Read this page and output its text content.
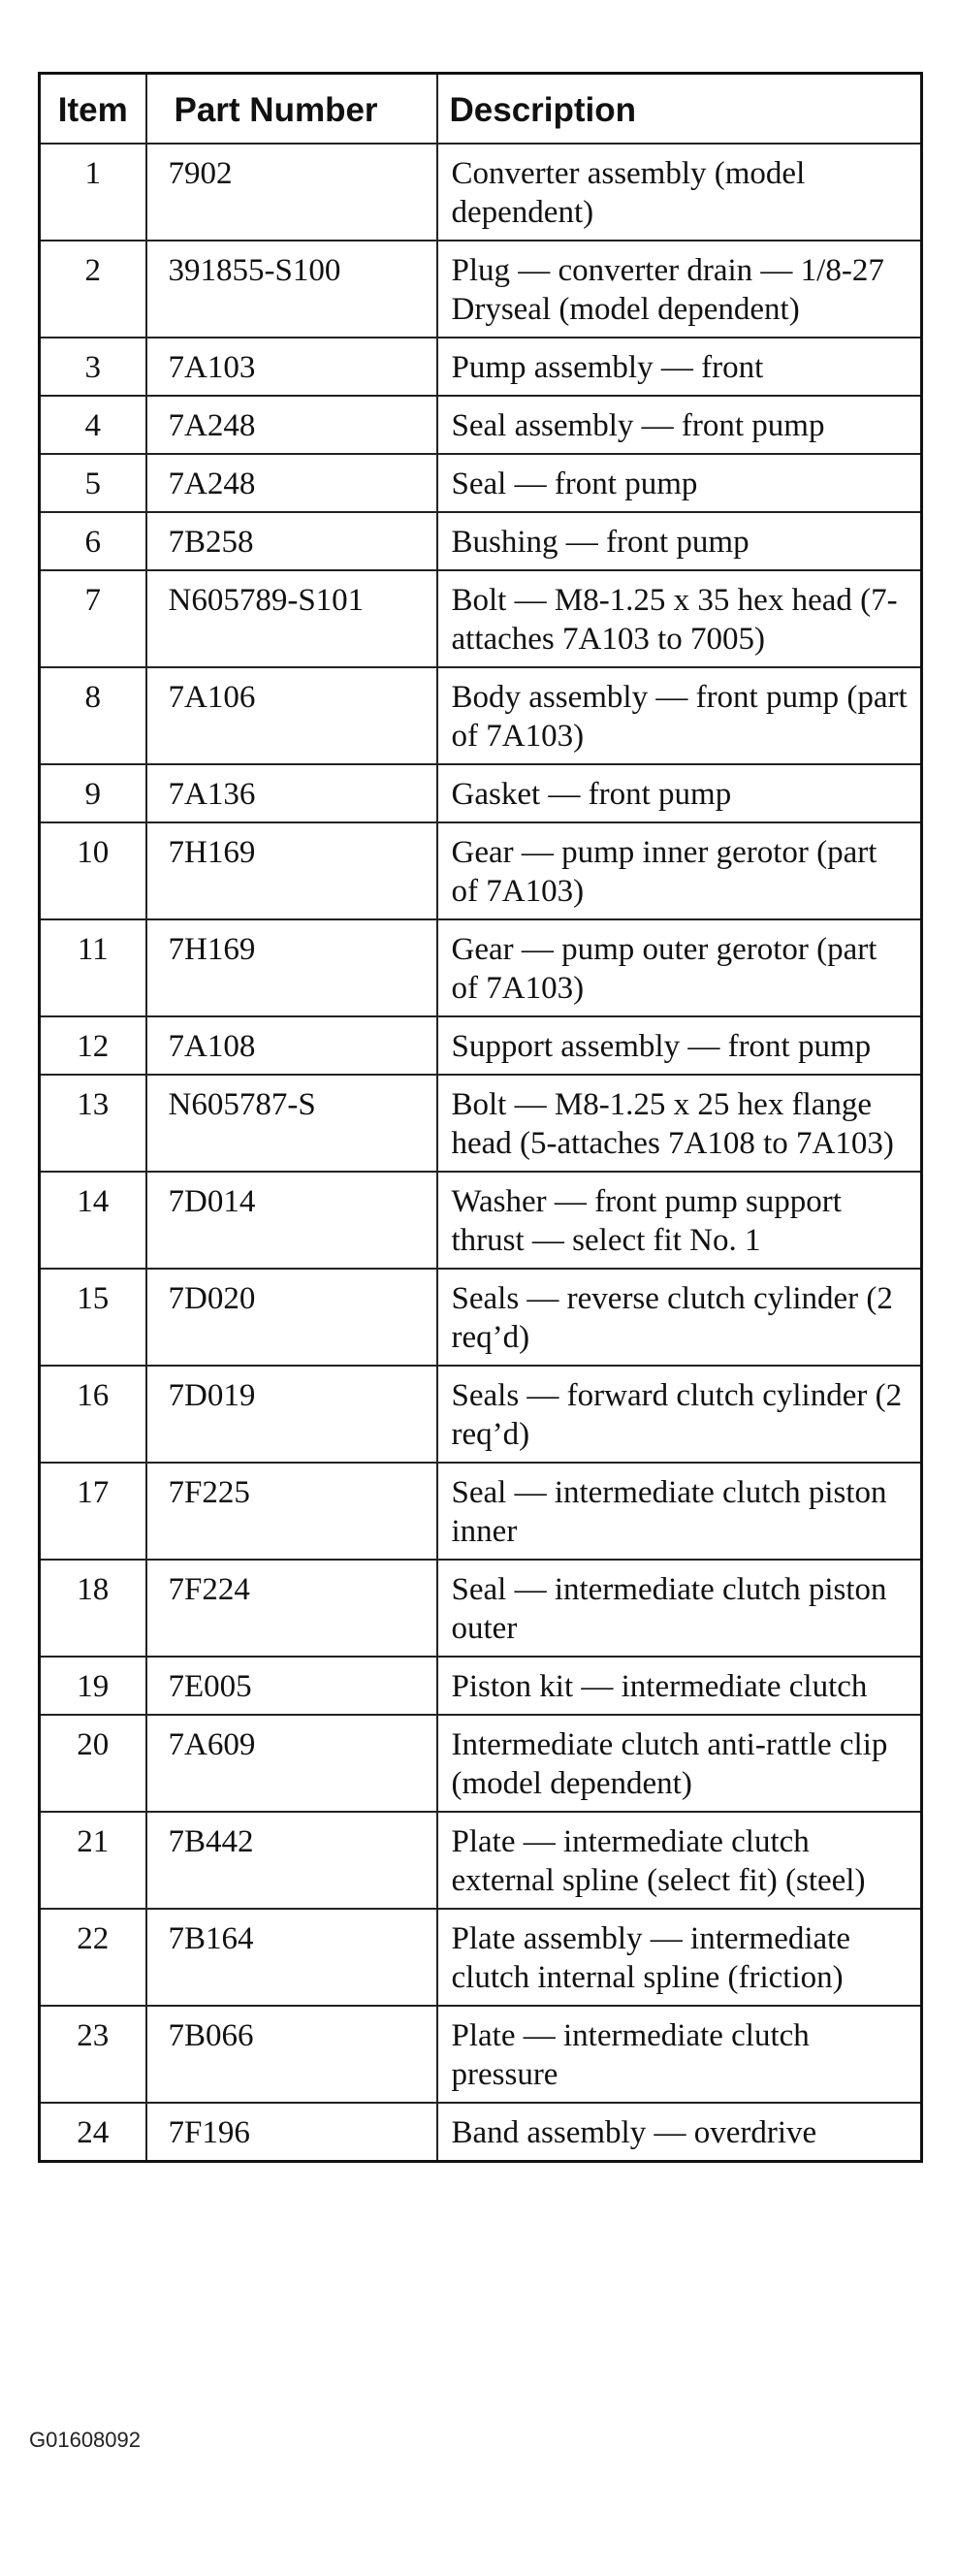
Item	Part Number	Description
1	7902	Converter assembly (model dependent)
2	391855-S100	Plug — converter drain — 1/8-27 Dryseal (model dependent)
3	7A103	Pump assembly — front
4	7A248	Seal assembly — front pump
5	7A248	Seal — front pump
6	7B258	Bushing — front pump
7	N605789-S101	Bolt — M8-1.25 x 35 hex head (7-attaches 7A103 to 7005)
8	7A106	Body assembly — front pump (part of 7A103)
9	7A136	Gasket — front pump
10	7H169	Gear — pump inner gerotor (part of 7A103)
11	7H169	Gear — pump outer gerotor (part of 7A103)
12	7A108	Support assembly — front pump
13	N605787-S	Bolt — M8-1.25 x 25 hex flange head (5-attaches 7A108 to 7A103)
14	7D014	Washer — front pump support thrust — select fit No. 1
15	7D020	Seals — reverse clutch cylinder (2 req’d)
16	7D019	Seals — forward clutch cylinder (2 req’d)
17	7F225	Seal — intermediate clutch piston inner
18	7F224	Seal — intermediate clutch piston outer
19	7E005	Piston kit — intermediate clutch
20	7A609	Intermediate clutch anti-rattle clip (model dependent)
21	7B442	Plate — intermediate clutch external spline (select fit) (steel)
22	7B164	Plate assembly — intermediate clutch internal spline (friction)
23	7B066	Plate — intermediate clutch pressure
24	7F196	Band assembly — overdrive
G01608092
